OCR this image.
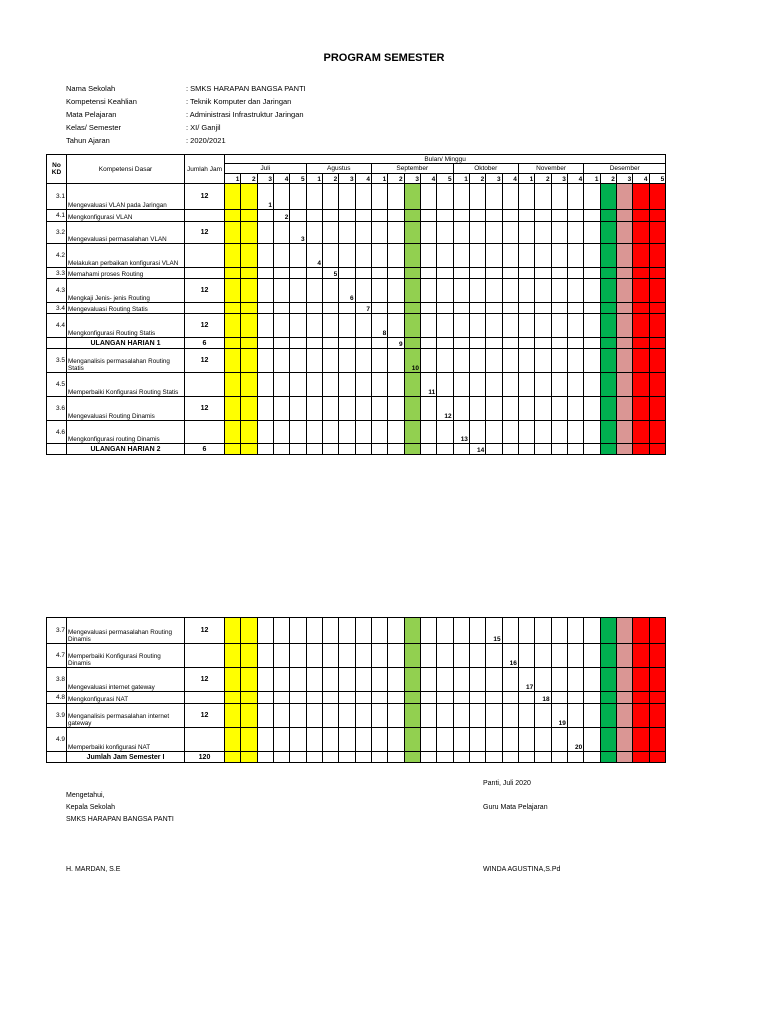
PROGRAM SEMESTER
Nama Sekolah	: SMKS HARAPAN BANGSA PANTI
Kompetensi Keahlian	: Teknik Komputer dan Jaringan
Mata Pelajaran	: Administrasi Infrastruktur Jaringan
Kelas/ Semester	: XI/ Ganjil
Tahun Ajaran	: 2020/2021
No KD	Kompetensi Dasar	Jumlah Jam	Bulan/ Minggu																										
			Juli					Agustus				September					Oktober				November				Desember				
			1	2	3	4	5	1	2	3	4	1	2	3	4	5	1	2	3	4	1	2	3	4	1	2	3	4	5
3.1	Mengevaluasi VLAN pada Jaringan	12			1																								
4.1	Mengkonfigurasi VLAN					2																							
3.2	Mengevaluasi permasalahan VLAN	12					3																						
4.2	Melakukan perbaikan konfigurasi VLAN							4																					
3.3	Memahami proses Routing								5																				
4.3	Mengkaji Jenis- jenis Routing	12								6																			
3.4	Mengevaluasi Routing Statis										7																		
4.4	Mengkonfigurasi Routing Statis	12										8																	
	ULANGAN HARIAN 1	6											9																
3.5	Menganalisis permasalahan Routing Statis	12												10															
4.5	Memperbaiki Konfigurasi Routing Statis														11														
3.6	Mengevaluasi Routing Dinamis	12														12													
4.6	Mengkonfigurasi routing Dinamis																13												
	ULANGAN HARIAN 2	6																14											
3.7	Mengevaluasi permasalahan Routing Dinamis	12																	15										
4.7	Memperbaiki Konfigurasi Routing Dinamis																			16									
3.8	Mengevaluasi internet gateway	12																			17								
4.8	Mengkonfigurasi NAT																					18							
3.9	Menganalisis permasalahan internet gateway	12																					19						
4.9	Memperbaiki konfigurasi NAT																							20					
	Jumlah Jam Semester I	120																											
Panti, Juli 2020
Mengetahui,
Kepala Sekolah
SMKS HARAPAN BANGSA PANTI
Guru Mata Pelajaran
H. MARDAN, S.E	WINDA AGUSTINA,S.Pd
